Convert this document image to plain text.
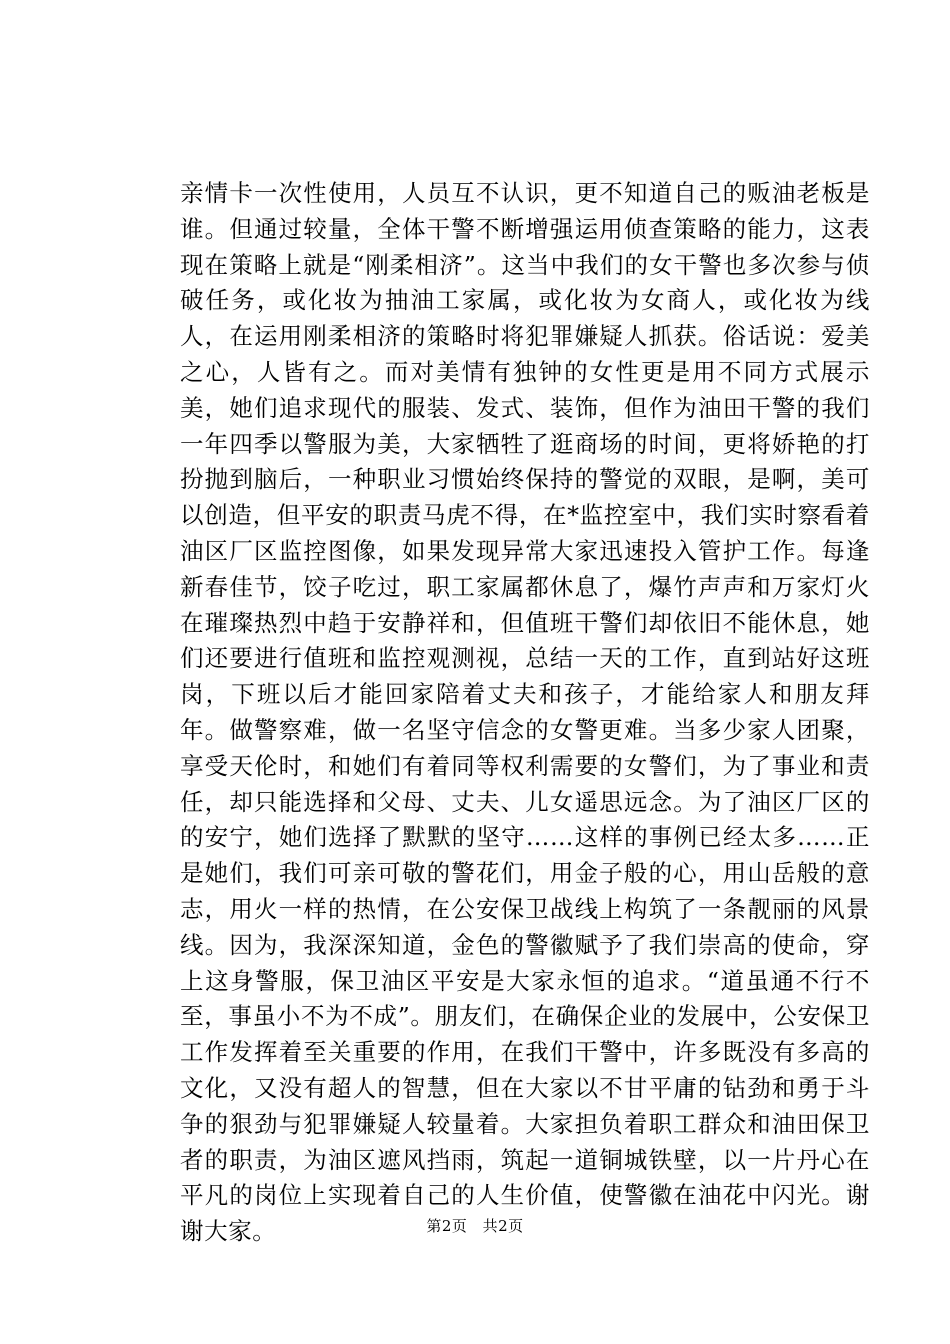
亲情卡一次性使用，人员互不认识，更不知道自己的贩油老板是谁。但通过较量，全体干警不断增强运用侦查策略的能力，这表现在策略上就是“刚柔相济”。这当中我们的女干警也多次参与侦破任务，或化妆为抽油工家属，或化妆为女商人，或化妆为线人，在运用刚柔相济的策略时将犯罪嫌疑人抓获。俗话说：爱美之心，人皆有之。而对美情有独钟的女性更是用不同方式展示美，她们追求现代的服装、发式、装饰，但作为油田干警的我们一年四季以警服为美，大家牺牲了逛商场的时间，更将娇艳的打扮抛到脑后，一种职业习惯始终保持的警觉的双眼，是啊，美可以创造，但平安的职责马虎不得，在*监控室中，我们实时察看着油区厂区监控图像，如果发现异常大家迅速投入管护工作。每逢新春佳节，饺子吃过，职工家属都休息了，爆竹声声和万家灯火在璀璨热烈中趋于安静祥和，但值班干警们却依旧不能休息，她们还要进行值班和监控观测视，总结一天的工作，直到站好这班岗，下班以后才能回家陪着丈夫和孩子，才能给家人和朋友拜年。做警察难，做一名坚守信念的女警更难。当多少家人团聚，享受天伦时，和她们有着同等权利需要的女警们，为了事业和责任，却只能选择和父母、丈夫、儿女遥思远念。为了油区厂区的的安宁，她们选择了默默的坚守……这样的事例已经太多……正是她们，我们可亲可敬的警花们，用金子般的心，用山岳般的意志，用火一样的热情，在公安保卫战线上构筑了一条靓丽的风景线。因为，我深深知道，金色的警徽赋予了我们崇高的使命，穿上这身警服，保卫油区平安是大家永恒的追求。“道虽通不行不至，事虽小不为不成”。朋友们，在确保企业的发展中，公安保卫工作发挥着至关重要的作用，在我们干警中，许多既没有多高的文化，又没有超人的智慧，但在大家以不甘平庸的钻劲和勇于斗争的狠劲与犯罪嫌疑人较量着。大家担负着职工群众和油田保卫者的职责，为油区遮风挡雨，筑起一道铜城铁壁，以一片丹心在平凡的岗位上实现着自己的人生价值，使警徽在油花中闪光。谢谢大家。	第2页 共2页
